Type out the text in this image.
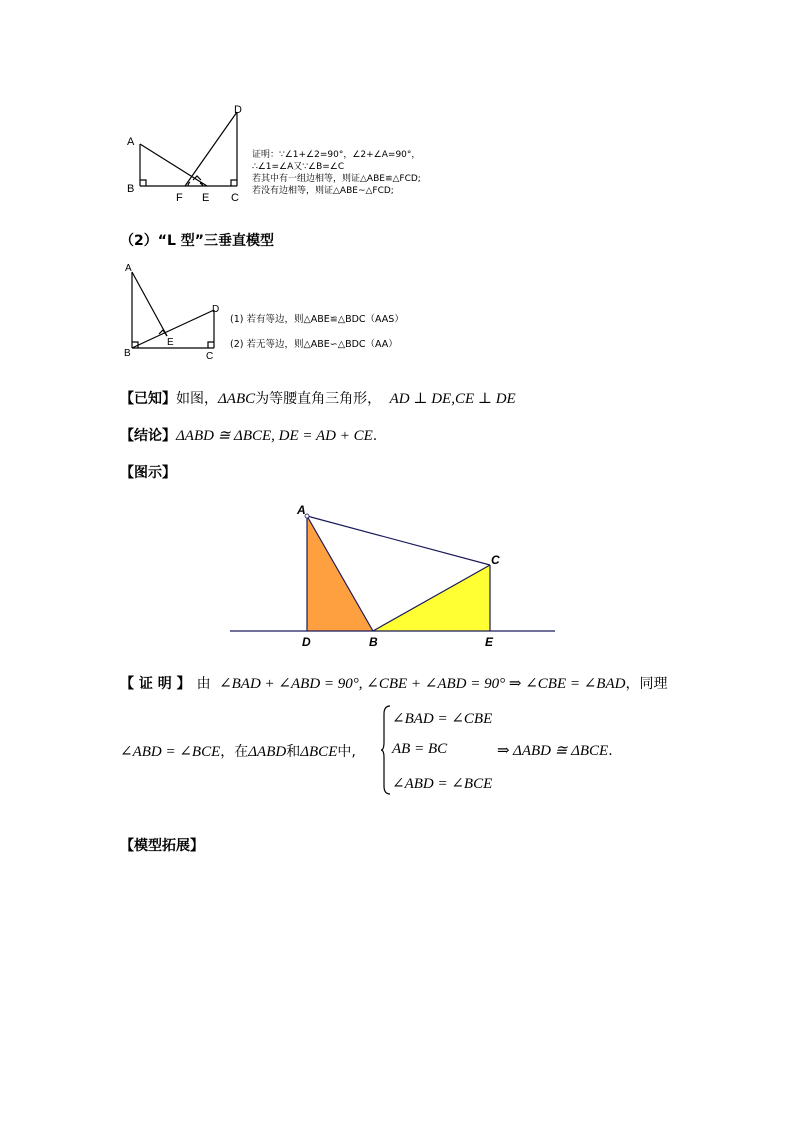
A
B
F E C
D
证明：∵∠1+∠2=90°，∠2+∠A=90°，
∴∠1=∠A又∵∠B=∠C
若其中有一组边相等，则证△ABE≌△FCD;
若没有边相等，则证△ABE~△FCD;
（2）“L 型”三垂直模型
A
B
E
C
D
(1) 若有等边，则△ABE≌△BDC（AAS）
(2) 若无等边，则△ABE∽△BDC（AA）
【已知】如图，ΔABC为等腰直角三角形， AD ⊥ DE,CE ⊥ DE
【结论】ΔABD ≅ ΔBCE, DE = AD + CE.
【图示】
A
C
D	B	E
【 证 明 】 由 ∠BAD + ∠ABD = 90°, ∠CBE + ∠ABD = 90° ⇒ ∠CBE = ∠BAD，同理
∠ABD = ∠BCE，在ΔABD和ΔBCE中,
∠BAD = ∠CBE
AB = BC
∠ABD = ∠BCE
⇒ ΔABD ≅ ΔBCE.
【模型拓展】
